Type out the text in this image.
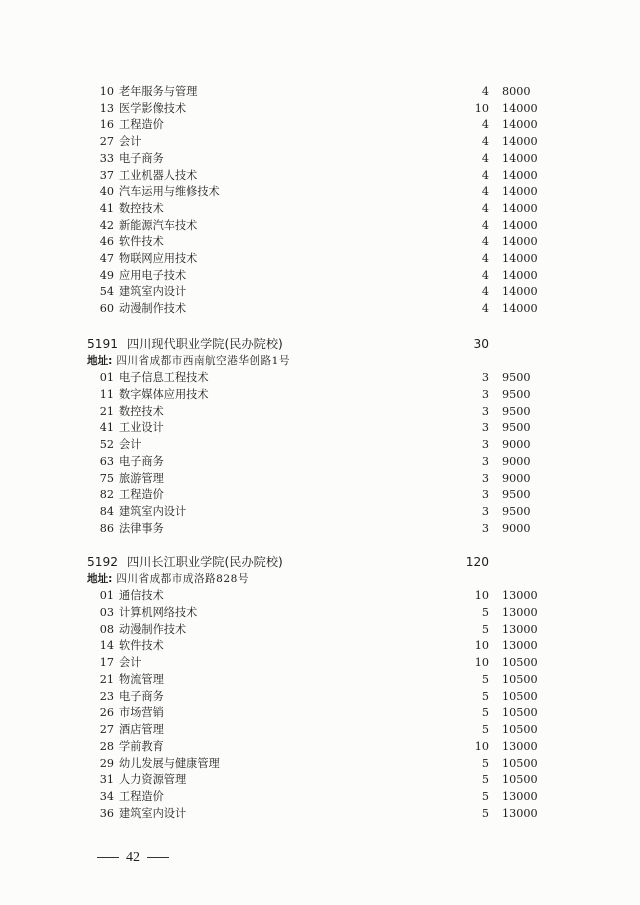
10 老年服务与管理	4 8000
13 医学影像技术	10 14000
16 工程造价	4 14000
27 会计	4 14000
33 电子商务	4 14000
37 工业机器人技术	4 14000
40 汽车运用与维修技术	4 14000
41 数控技术	4 14000
42 新能源汽车技术	4 14000
46 软件技术	4 14000
47 物联网应用技术	4 14000
49 应用电子技术	4 14000
54 建筑室内设计	4 14000
60 动漫制作技术	4 14000
5191 四川现代职业学院(民办院校)	30
地址: 四川省成都市西南航空港华创路1号
01 电子信息工程技术	3 9500
11 数字媒体应用技术	3 9500
21 数控技术	3 9500
41 工业设计	3 9500
52 会计	3 9000
63 电子商务	3 9000
75 旅游管理	3 9000
82 工程造价	3 9500
84 建筑室内设计	3 9500
86 法律事务	3 9000
5192 四川长江职业学院(民办院校)	120
地址: 四川省成都市成洛路828号
01 通信技术	10 13000
03 计算机网络技术	5 13000
08 动漫制作技术	5 13000
14 软件技术	10 13000
17 会计	10 10500
21 物流管理	5 10500
23 电子商务	5 10500
26 市场营销	5 10500
27 酒店管理	5 10500
28 学前教育	10 13000
29 幼儿发展与健康管理	5 10500
31 人力资源管理	5 10500
34 工程造价	5 13000
36 建筑室内设计	5 13000
42
